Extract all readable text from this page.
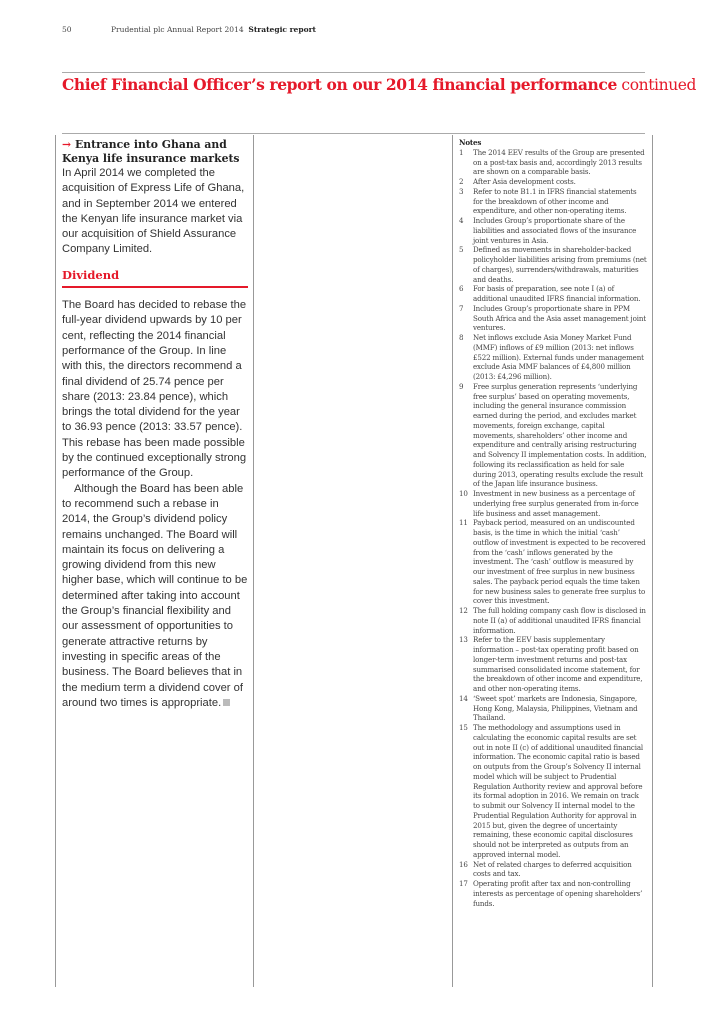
50	Prudential plc Annual Report 2014 Strategic report
Chief Financial Officer’s report on our 2014 financial performance continued
→ Entrance into Ghana and Kenya life insurance markets

In April 2014 we completed the acquisition of Express Life of Ghana, and in September 2014 we entered the Kenyan life insurance market via our acquisition of Shield Assurance Company Limited.

Dividend

The Board has decided to rebase the full-year dividend upwards by 10 per cent, reflecting the 2014 financial performance of the Group. In line with this, the directors recommend a final dividend of 25.74 pence per share (2013: 23.84 pence), which brings the total dividend for the year to 36.93 pence (2013: 33.57 pence). This rebase has been made possible by the continued exceptionally strong performance of the Group.

Although the Board has been able to recommend such a rebase in 2014, the Group’s dividend policy remains unchanged. The Board will maintain its focus on delivering a growing dividend from this new higher base, which will continue to be determined after taking into account the Group’s financial flexibility and our assessment of opportunities to generate attractive returns by investing in specific areas of the business. The Board believes that in the medium term a dividend cover of around two times is appropriate.

Notes
1	The 2014 EEV results of the Group are presented on a post-tax basis and, accordingly 2013 results are shown on a comparable basis.
2	After Asia development costs.
3	Refer to note B1.1 in IFRS financial statements for the breakdown of other income and expenditure, and other non-operating items.
4	Includes Group’s proportionate share of the liabilities and associated flows of the insurance joint ventures in Asia.
5	Defined as movements in shareholder-backed policyholder liabilities arising from premiums (net of charges), surrenders/withdrawals, maturities and deaths.
6	For basis of preparation, see note I (a) of additional unaudited IFRS financial information.
7	Includes Group’s proportionate share in PPM South Africa and the Asia asset management joint ventures.
8	Net inflows exclude Asia Money Market Fund (MMF) inflows of £9 million (2013: net inflows £522 million). External funds under management exclude Asia MMF balances of £4,800 million (2013: £4,296 million).
9	Free surplus generation represents ‘underlying free surplus’ based on operating movements, including the general insurance commission earned during the period, and excludes market movements, foreign exchange, capital movements, shareholders’ other income and expenditure and centrally arising restructuring and Solvency II implementation costs. In addition, following its reclassification as held for sale during 2013, operating results exclude the result of the Japan life insurance business.
10 Investment in new business as a percentage of underlying free surplus generated from in-force life business and asset management.
11 Payback period, measured on an undiscounted basis, is the time in which the initial ‘cash’ outflow of investment is expected to be recovered from the ‘cash’ inflows generated by the investment. The ‘cash’ outflow is measured by our investment of free surplus in new business sales. The payback period equals the time taken for new business sales to generate free surplus to cover this investment.
12 The full holding company cash flow is disclosed in note II (a) of additional unaudited IFRS financial information.
13 Refer to the EEV basis supplementary information – post-tax operating profit based on longer-term investment returns and post-tax summarised consolidated income statement, for the breakdown of other income and expenditure, and other non-operating items.
14 ‘Sweet spot’ markets are Indonesia, Singapore, Hong Kong, Malaysia, Philippines, Vietnam and Thailand.
15 The methodology and assumptions used in calculating the economic capital results are set out in note II (c) of additional unaudited financial information. The economic capital ratio is based on outputs from the Group’s Solvency II internal model which will be subject to Prudential Regulation Authority review and approval before its formal adoption in 2016. We remain on track to submit our Solvency II internal model to the Prudential Regulation Authority for approval in 2015 but, given the degree of uncertainty remaining, these economic capital disclosures should not be interpreted as outputs from an approved internal model.
16 Net of related charges to deferred acquisition costs and tax.
17 Operating profit after tax and non-controlling interests as percentage of opening shareholders’ funds.
